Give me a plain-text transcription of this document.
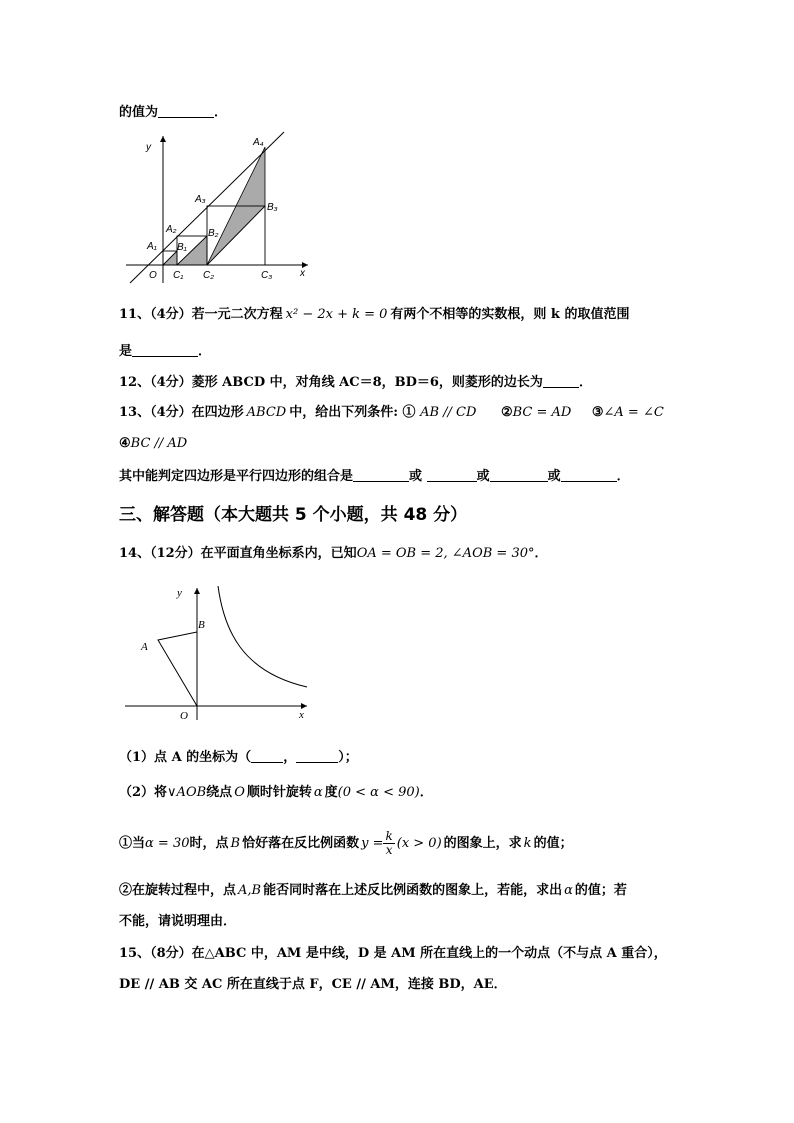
的值为	．
y
x
O
A₁
A₂
A₃
A₄
B₁
B₂
B₃
C₁ C₂	C₃
11、（4分）若一元二次方程 x² − 2x + k = 0 有两个不相等的实数根，则 k 的取值范围
是	．
12、（4分）菱形 ABCD 中，对角线 AC＝8，BD＝6，则菱形的边长为	．
13、（4分）在四边形 ABCD 中，给出下列条件: ① AB // CD ②BC = AD ③∠A = ∠C
④BC // AD
其中能判定四边形是平行四边形的组合是	或	或	或	．
三、解答题（本大题共 5 个小题，共 48 分）
14、（12分）在平面直角坐标系内，已知OA = OB = 2, ∠AOB = 30°．
y
x
O
A
B
（1）点 A 的坐标为（ ，	）；
（2）将∨AOB绕点 O 顺时针旋转 α 度(0 < α < 90)．
①当α = 30时，点 B 恰好落在反比例函数 $y = \frac{k}{x} (x > 0)$ 的图象上，求 k 的值；
②在旋转过程中，点 A,B 能否同时落在上述反比例函数的图象上，若能，求出 α 的值；若
不能，请说明理由．
15、（8分）在△ABC 中，AM 是中线，D 是 AM 所在直线上的一个动点（不与点 A 重合），
DE // AB 交 AC 所在直线于点 F，CE // AM，连接 BD，AE．
